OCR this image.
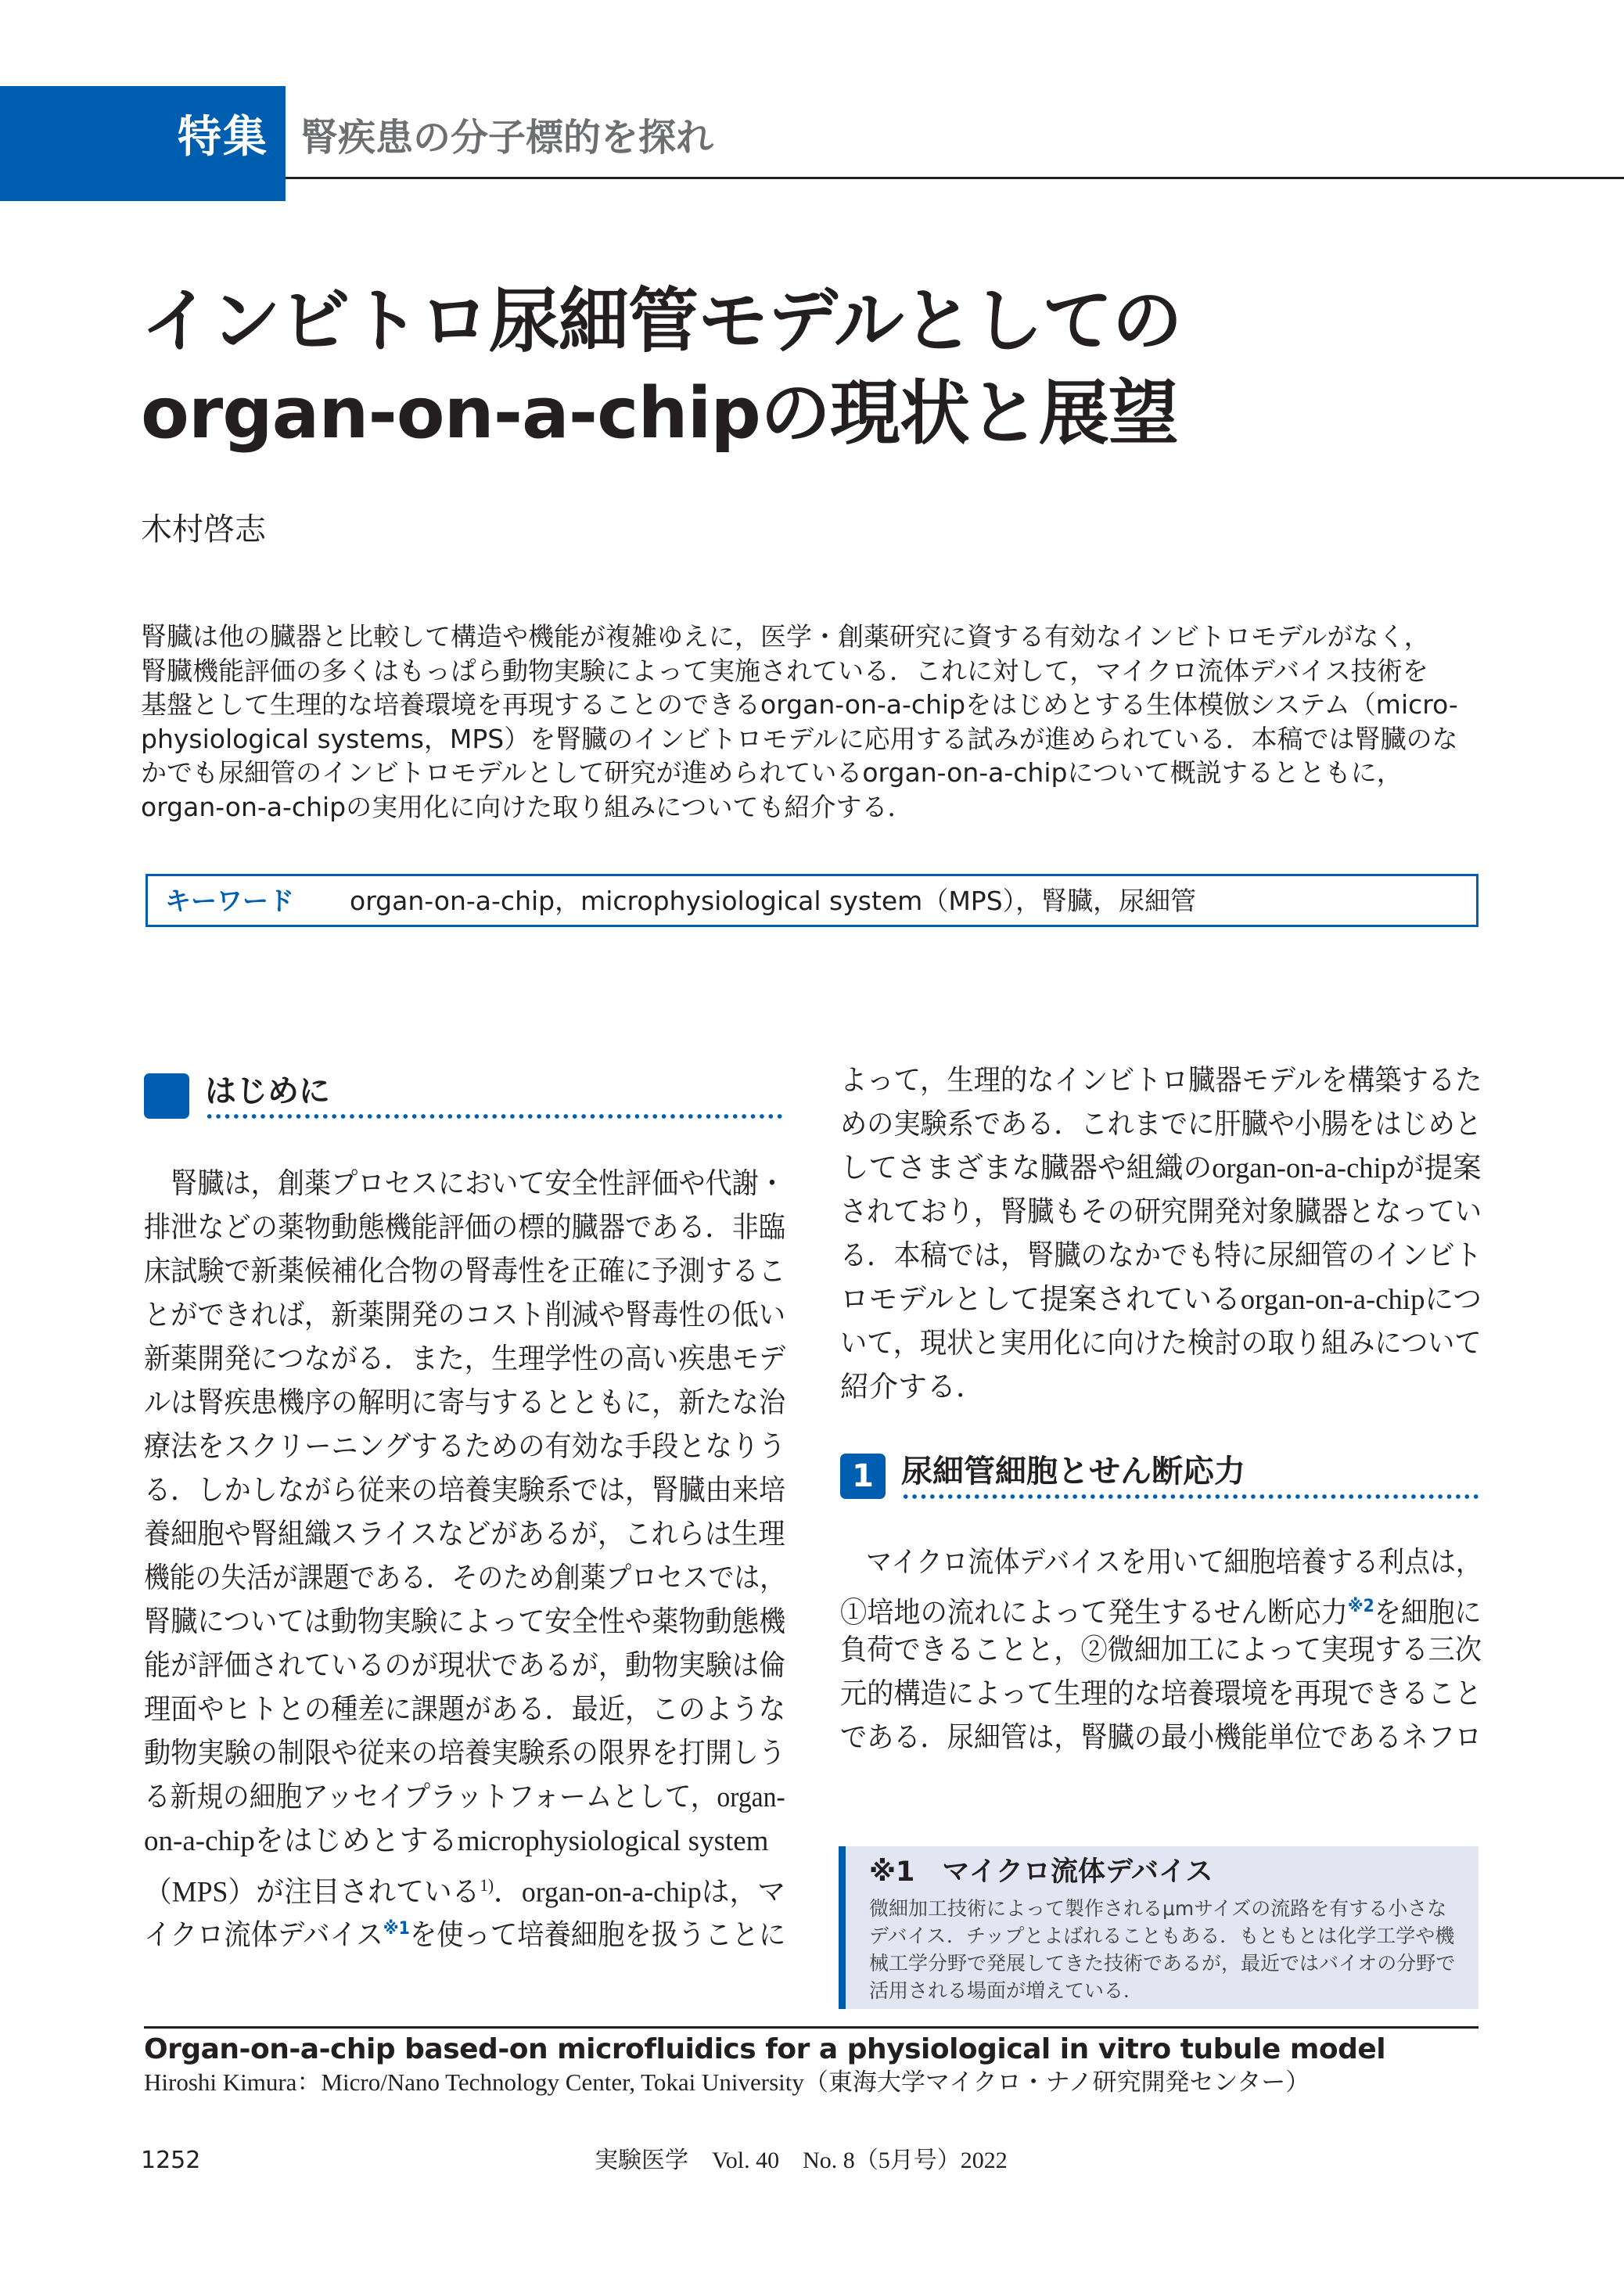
特集 腎疾患の分子標的を探れ
インビトロ尿細管モデルとしての
organ-on-a-chipの現状と展望
木村啓志
腎臓は他の臓器と比較して構造や機能が複雑ゆえに，医学・創薬研究に資する有効なインビトロモデルがなく，
腎臓機能評価の多くはもっぱら動物実験によって実施されている．これに対して，マイクロ流体デバイス技術を
基盤として生理的な培養環境を再現することのできるorgan-on-a-chipをはじめとする生体模倣システム（micro-
physiological systems，MPS）を腎臓のインビトロモデルに応用する試みが進められている．本稿では腎臓のな
かでも尿細管のインビトロモデルとして研究が進められているorgan-on-a-chipについて概説するとともに，
organ-on-a-chipの実用化に向けた取り組みについても紹介する．
キーワード organ-on-a-chip，microphysiological system（MPS），腎臓，尿細管
はじめに
　腎臓は，創薬プロセスにおいて安全性評価や代謝・
排泄などの薬物動態機能評価の標的臓器である．非臨
床試験で新薬候補化合物の腎毒性を正確に予測するこ
とができれば，新薬開発のコスト削減や腎毒性の低い
新薬開発につながる．また，生理学性の高い疾患モデ
ルは腎疾患機序の解明に寄与するとともに，新たな治
療法をスクリーニングするための有効な手段となりう
る．しかしながら従来の培養実験系では，腎臓由来培
養細胞や腎組織スライスなどがあるが，これらは生理
機能の失活が課題である．そのため創薬プロセスでは，
腎臓については動物実験によって安全性や薬物動態機
能が評価されているのが現状であるが，動物実験は倫
理面やヒトとの種差に課題がある．最近，このような
動物実験の制限や従来の培養実験系の限界を打開しう
る新規の細胞アッセイプラットフォームとして，organ-
on-a-chipをはじめとするmicrophysiological system
（MPS）が注目されている$^{1)}$．organ-on-a-chipは，マ
イクロ流体デバイス$^{※1}$を使って培養細胞を扱うことに
よって，生理的なインビトロ臓器モデルを構築するた
めの実験系である．これまでに肝臓や小腸をはじめと
してさまざまな臓器や組織のorgan-on-a-chipが提案
されており，腎臓もその研究開発対象臓器となってい
る．本稿では，腎臓のなかでも特に尿細管のインビト
ロモデルとして提案されているorgan-on-a-chipにつ
いて，現状と実用化に向けた検討の取り組みについて
紹介する．
1 尿細管細胞とせん断応力
　マイクロ流体デバイスを用いて細胞培養する利点は，
①培地の流れによって発生するせん断応力$^{※2}$を細胞に
負荷できることと，②微細加工によって実現する三次
元的構造によって生理的な培養環境を再現できること
である．尿細管は，腎臓の最小機能単位であるネフロ
※1　マイクロ流体デバイス
微細加工技術によって製作されるμmサイズの流路を有する小さな
デバイス．チップとよばれることもある．もともとは化学工学や機
械工学分野で発展してきた技術であるが，最近ではバイオの分野で
活用される場面が増えている．
Organ-on-a-chip based-on microfluidics for a physiological in vitro tubule model
Hiroshi Kimura：Micro/Nano Technology Center, Tokai University（東海大学マイクロ・ナノ研究開発センター）
1252	実験医学　Vol. 40　No. 8（5月号）2022
